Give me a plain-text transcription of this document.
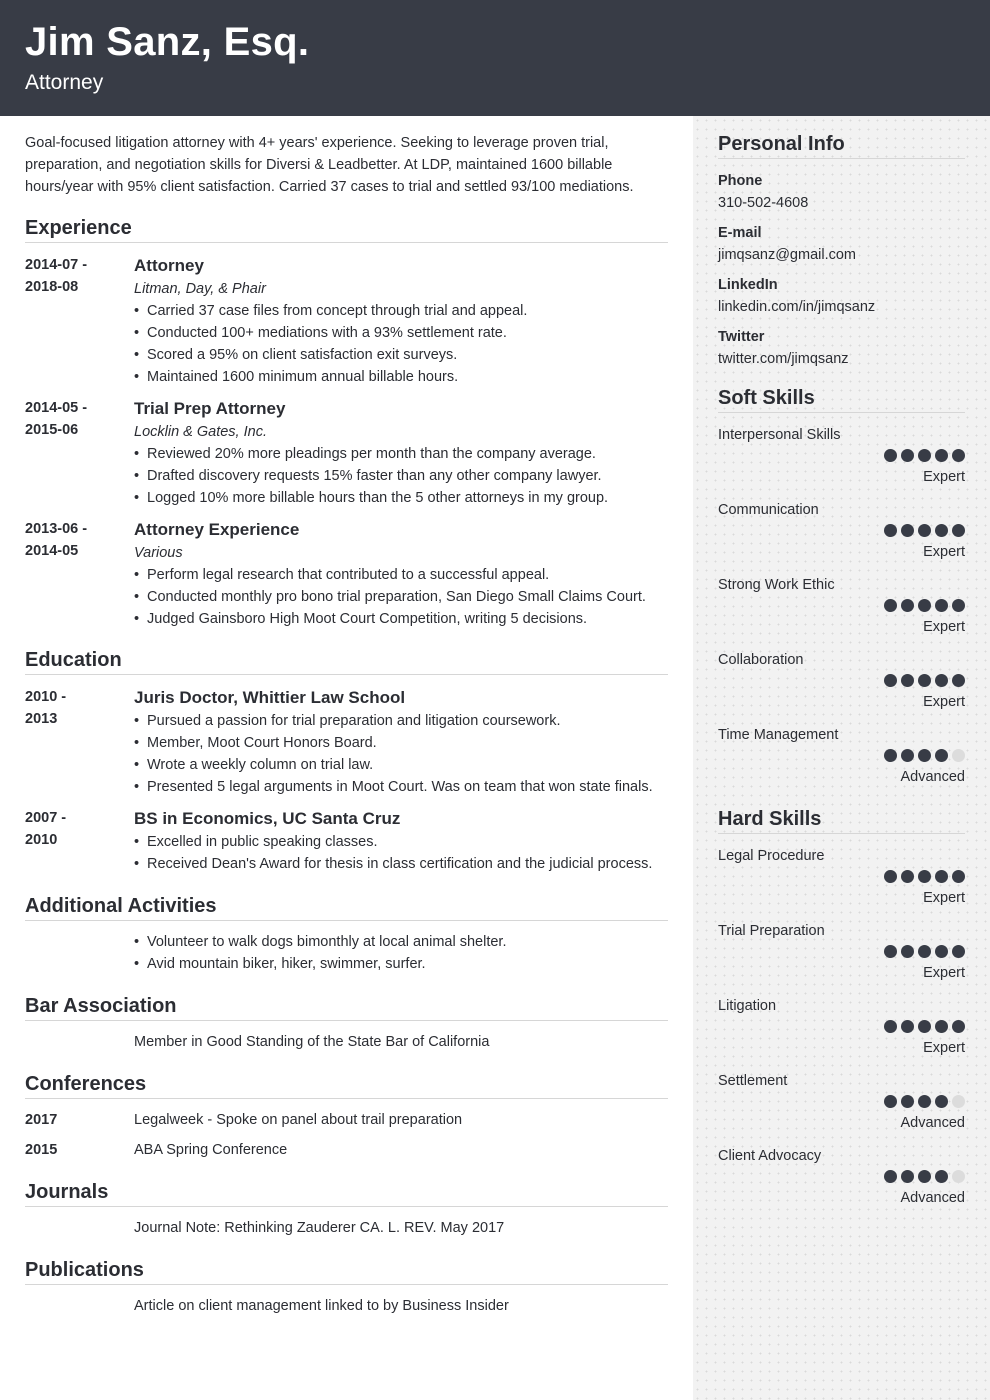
Jim Sanz, Esq.
Attorney

Goal-focused litigation attorney with 4+ years' experience. Seeking to leverage proven trial, preparation, and negotiation skills for Diversi & Leadbetter. At LDP, maintained 1600 billable hours/year with 95% client satisfaction. Carried 37 cases to trial and settled 93/100 mediations.

Experience
2014-07 -
2018-08
Attorney
Litman, Day, & Phair
• Carried 37 case files from concept through trial and appeal.
• Conducted 100+ mediations with a 93% settlement rate.
• Scored a 95% on client satisfaction exit surveys.
• Maintained 1600 minimum annual billable hours.
2014-05 -
2015-06
Trial Prep Attorney
Locklin & Gates, Inc.
• Reviewed 20% more pleadings per month than the company average.
• Drafted discovery requests 15% faster than any other company lawyer.
• Logged 10% more billable hours than the 5 other attorneys in my group.
2013-06 -
2014-05
Attorney Experience
Various
• Perform legal research that contributed to a successful appeal.
• Conducted monthly pro bono trial preparation, San Diego Small Claims Court.
• Judged Gainsboro High Moot Court Competition, writing 5 decisions.
Education
2010 -
2013
Juris Doctor, Whittier Law School
• Pursued a passion for trial preparation and litigation coursework.
• Member, Moot Court Honors Board.
• Wrote a weekly column on trial law.
• Presented 5 legal arguments in Moot Court. Was on team that won state finals.
2007 -
2010
BS in Economics, UC Santa Cruz
• Excelled in public speaking classes.
• Received Dean's Award for thesis in class certification and the judicial process.
Additional Activities
• Volunteer to walk dogs bimonthly at local animal shelter.
• Avid mountain biker, hiker, swimmer, surfer.
Bar Association
Member in Good Standing of the State Bar of California
Conferences
2017	Legalweek - Spoke on panel about trail preparation
2015	ABA Spring Conference
Journals
Journal Note: Rethinking Zauderer CA. L. REV. May 2017
Publications
Article on client management linked to by Business Insider
Personal Info
Phone
310-502-4608
E-mail
jimqsanz@gmail.com
LinkedIn
linkedin.com/in/jimqsanz
Twitter
twitter.com/jimqsanz
Soft Skills
Interpersonal Skills
Expert
Communication
Expert
Strong Work Ethic
Expert
Collaboration
Expert
Time Management
Advanced
Hard Skills
Legal Procedure
Expert
Trial Preparation
Expert
Litigation
Expert
Settlement
Advanced
Client Advocacy
Advanced
